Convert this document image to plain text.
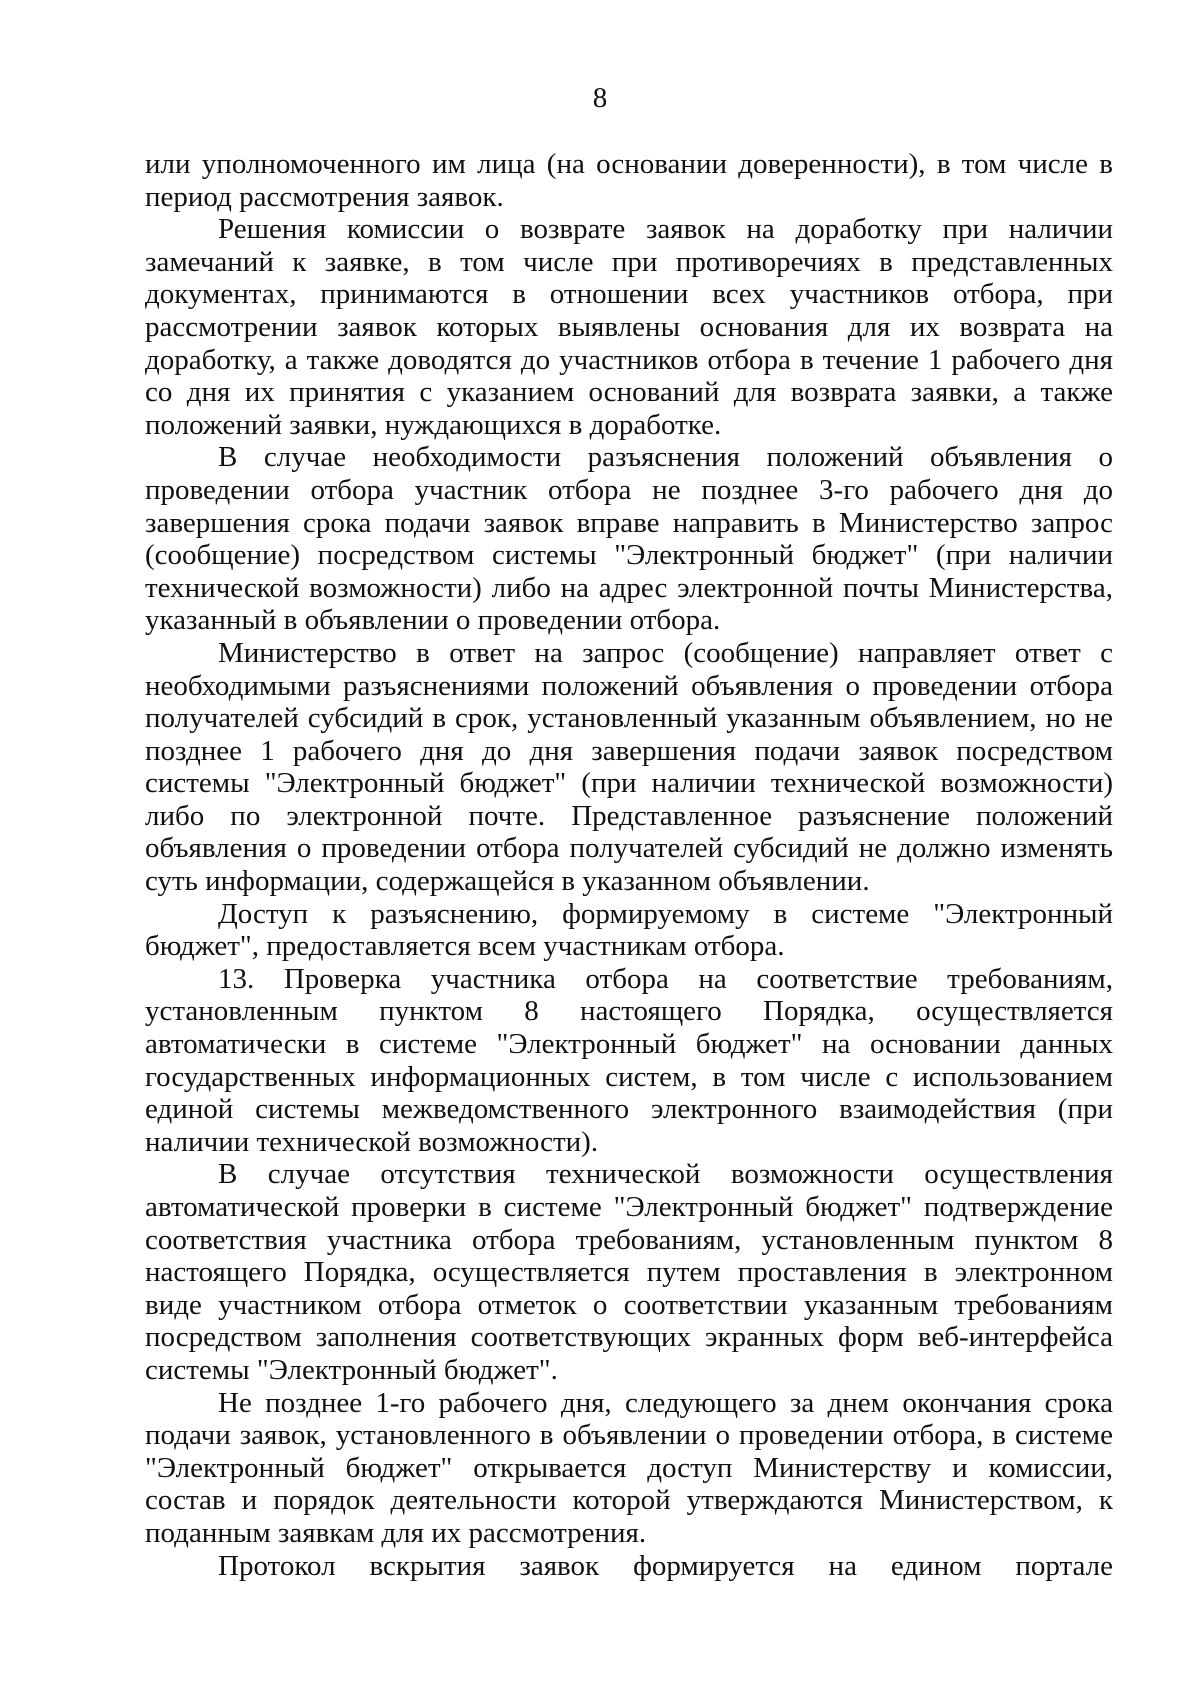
8

или уполномоченного им лица (на основании доверенности), в том числе в период рассмотрения заявок.

Решения комиссии о возврате заявок на доработку при наличии замечаний к заявке, в том числе при противоречиях в представленных документах, принимаются в отношении всех участников отбора, при рассмотрении заявок которых выявлены основания для их возврата на доработку, а также доводятся до участников отбора в течение 1 рабочего дня со дня их принятия с указанием оснований для возврата заявки, а также положений заявки, нуждающихся в доработке.

В случае необходимости разъяснения положений объявления о проведении отбора участник отбора не позднее 3-го рабочего дня до завершения срока подачи заявок вправе направить в Министерство запрос (сообщение) посредством системы "Электронный бюджет" (при наличии технической возможности) либо на адрес электронной почты Министерства, указанный в объявлении о проведении отбора.

Министерство в ответ на запрос (сообщение) направляет ответ с необходимыми разъяснениями положений объявления о проведении отбора получателей субсидий в срок, установленный указанным объявлением, но не позднее 1 рабочего дня до дня завершения подачи заявок посредством системы "Электронный бюджет" (при наличии технической возможности) либо по электронной почте. Представленное разъяснение положений объявления о проведении отбора получателей субсидий не должно изменять суть информации, содержащейся в указанном объявлении.

Доступ к разъяснению, формируемому в системе "Электронный бюджет", предоставляется всем участникам отбора.

13. Проверка участника отбора на соответствие требованиям, установленным пунктом 8 настоящего Порядка, осуществляется автоматически в системе "Электронный бюджет" на основании данных государственных информационных систем, в том числе с использованием единой системы межведомственного электронного взаимодействия (при наличии технической возможности).

В случае отсутствия технической возможности осуществления автоматической проверки в системе "Электронный бюджет" подтверждение соответствия участника отбора требованиям, установленным пунктом 8 настоящего Порядка, осуществляется путем проставления в электронном виде участником отбора отметок о соответствии указанным требованиям посредством заполнения соответствующих экранных форм веб-интерфейса системы "Электронный бюджет".

Не позднее 1-го рабочего дня, следующего за днем окончания срока подачи заявок, установленного в объявлении о проведении отбора, в системе "Электронный бюджет" открывается доступ Министерству и комиссии, состав и порядок деятельности которой утверждаются Министерством, к поданным заявкам для их рассмотрения.

Протокол вскрытия заявок формируется на едином портале
